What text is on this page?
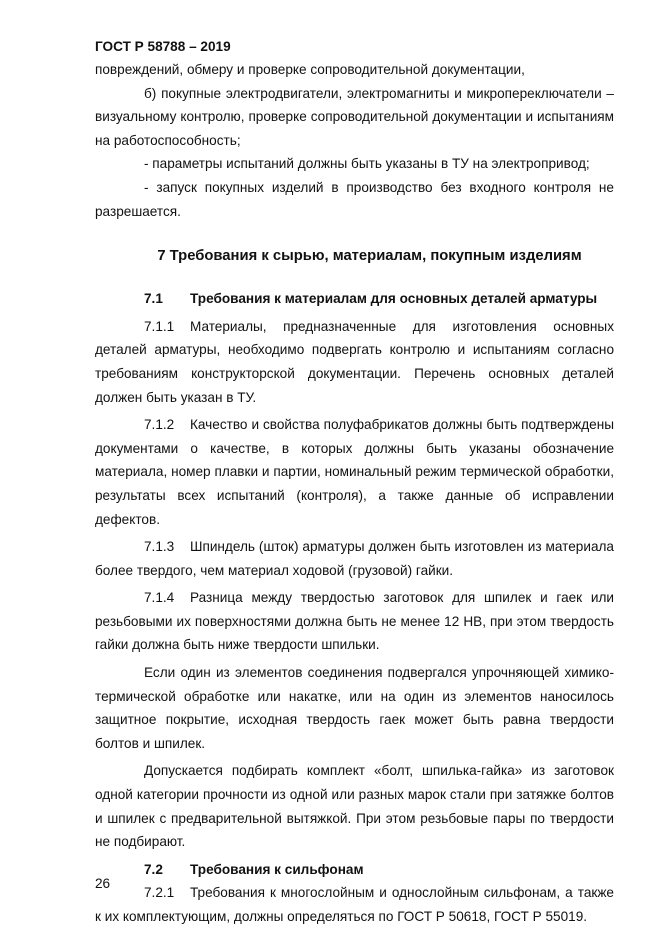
ГОСТ Р 58788 – 2019

повреждений, обмеру и проверке сопроводительной документации,

б) покупные электродвигатели, электромагниты и микропереключатели – визуальному контролю, проверке сопроводительной документации и испытаниям на работоспособность;

- параметры испытаний должны быть указаны в ТУ на электропривод;

- запуск покупных изделий в производство без входного контроля не разрешается.

7 Требования к сырью, материалам, покупным изделиям
7.1 Требования к материалам для основных деталей арматуры

7.1.1 Материалы, предназначенные для изготовления основных деталей арматуры, необходимо подвергать контролю и испытаниям согласно требованиям конструкторской документации. Перечень основных деталей должен быть указан в ТУ.

7.1.2 Качество и свойства полуфабрикатов должны быть подтверждены документами о качестве, в которых должны быть указаны обозначение материала, номер плавки и партии, номинальный режим термической обработки, результаты всех испытаний (контроля), а также данные об исправлении дефектов.

7.1.3 Шпиндель (шток) арматуры должен быть изготовлен из материала более твердого, чем материал ходовой (грузовой) гайки.

7.1.4 Разница между твердостью заготовок для шпилек и гаек или резьбовыми их поверхностями должна быть не менее 12 НВ, при этом твердость гайки должна быть ниже твердости шпильки.

Если один из элементов соединения подвергался упрочняющей химико-термической обработке или накатке, или на один из элементов наносилось защитное покрытие, исходная твердость гаек может быть равна твердости болтов и шпилек.

Допускается подбирать комплект «болт, шпилька-гайка» из заготовок одной категории прочности из одной или разных марок стали при затяжке болтов и шпилек с предварительной вытяжкой. При этом резьбовые пары по твердости не подбирают.

7.2 Требования к сильфонам

7.2.1 Требования к многослойным и однослойным сильфонам, а также к их комплектующим, должны определяться по ГОСТ Р 50618, ГОСТ Р 55019.

26
